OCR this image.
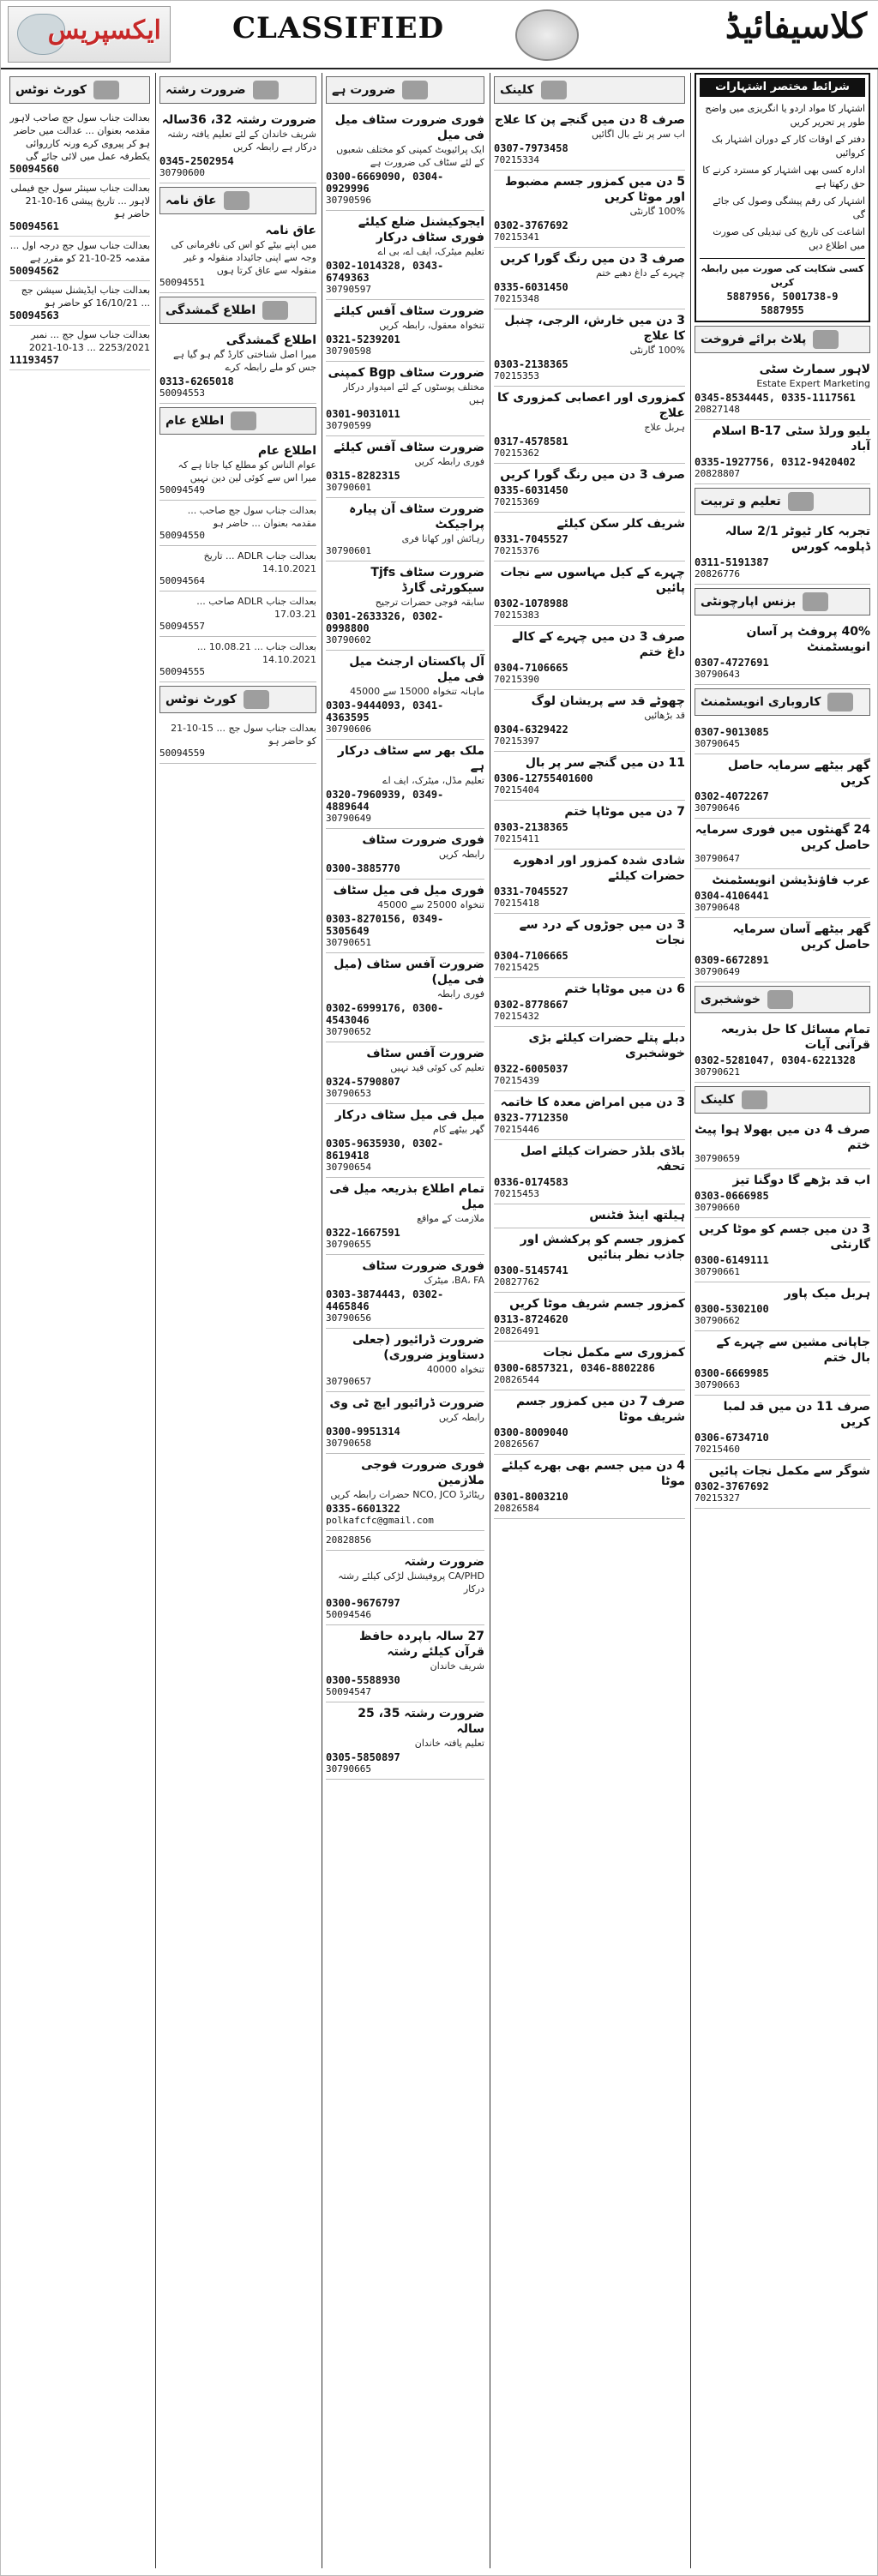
ایکسپریس CLASSIFIED	کلاسیفائیڈ
کورٹ نوٹس
بعدالت جناب سول جج صاحب لاہور مقدمہ بعنوان ... عدالت میں حاضر ہو کر پیروی کرے ورنہ کارروائی یکطرفہ عمل میں لائی جائے گی
50094560
بعدالت جناب سینئر سول جج فیملی لاہور ... تاریخ پیشی 16-10-21 حاضر ہو
50094561
بعدالت جناب سول جج درجہ اول ... مقدمہ 25-10-21 کو مقرر ہے
50094562
بعدالت جناب ایڈیشنل سیشن جج ... 16/10/21 کو حاضر ہو
50094563
بعدالت جناب سول جج ... نمبر 2253/2021 ... 13-10-2021
11193457
ضرورت رشتہ
ضرورت رشتہ 32، 36سالہ
شریف خاندان کے لئے تعلیم یافتہ رشتہ درکار ہے رابطہ کریں
0345-2502954
30790600
عاق نامہ
عاق نامہ
میں اپنے بیٹے کو اس کی نافرمانی کی وجہ سے اپنی جائیداد منقولہ و غیر منقولہ سے عاق کرتا ہوں
50094551
اطلاع گمشدگی
اطلاع گمشدگی
میرا اصل شناختی کارڈ گم ہو گیا ہے جس کو ملے رابطہ کرے
0313-6265018
50094553
اطلاع عام
اطلاع عام
عوام الناس کو مطلع کیا جاتا ہے کہ میرا اس سے کوئی لین دین نہیں
50094549
بعدالت جناب سول جج صاحب ... مقدمہ بعنوان ... حاضر ہو
50094550
بعدالت جناب ADLR ... تاریخ 14.10.2021
50094564
بعدالت جناب ADLR صاحب ... 17.03.21
50094557
بعدالت جناب ... 10.08.21 ... 14.10.2021
50094555
کورٹ نوٹس
بعدالت جناب سول جج ... 15-10-21 کو حاضر ہو
50094559
ضرورت ہے
فوری ضرورت سٹاف میل فی میل
ایک پرائیویٹ کمپنی کو مختلف شعبوں کے لئے سٹاف کی ضرورت ہے
0300-6669090, 0304-0929996
30790596
ایجوکیشنل ضلع کیلئے فوری سٹاف درکار
تعلیم میٹرک، ایف اے، بی اے
0302-1014328, 0343-6749363
30790597
ضرورت سٹاف آفس کیلئے
تنخواہ معقول، رابطہ کریں
0321-5239201
30790598
ضرورت سٹاف Bgp کمپنی
مختلف پوسٹوں کے لئے امیدوار درکار ہیں
0301-9031011
30790599
ضرورت سٹاف آفس کیلئے
فوری رابطہ کریں
0315-8282315
30790601
ضرورت سٹاف آن پیارہ پراجیکٹ
رہائش اور کھانا فری
30790601
ضرورت سٹاف Tjfs سیکورٹی گارڈ
سابقہ فوجی حضرات ترجیح
0301-2633326, 0302-0998800
30790602
آل پاکستان ارجنٹ میل فی میل
ماہانہ تنخواہ 15000 سے 45000
0303-9444093, 0341-4363595
30790606
ملک بھر سے سٹاف درکار ہے
تعلیم مڈل، میٹرک، ایف اے
0320-7960939, 0349-4889644
30790649
فوری ضرورت سٹاف
رابطہ کریں
0300-3885770
فوری میل فی میل سٹاف
تنخواہ 25000 سے 45000
0303-8270156, 0349-5305649
30790651
ضرورت آفس سٹاف (میل فی میل)
فوری رابطہ
0302-6999176, 0300-4543046
30790652
ضرورت آفس سٹاف
تعلیم کی کوئی قید نہیں
0324-5790807
30790653
میل فی میل سٹاف درکار
گھر بیٹھے کام
0305-9635930, 0302-8619418
30790654
تمام اطلاع بذریعہ میل فی میل
ملازمت کے مواقع
0322-1667591
30790655
فوری ضرورت سٹاف
BA، FA، میٹرک
0303-3874443, 0302-4465846
30790656
ضرورت ڈرائیور (جعلی دستاویز ضروری)
تنخواہ 40000
30790657
ضرورت ڈرائیور ایچ ٹی وی
رابطہ کریں
0300-9951314
30790658
فوری ضرورت فوجی ملازمین
ریٹائرڈ NCO, JCO حضرات رابطہ کریں
0335-6601322
polkafcfc@gmail.com
20828856
ضرورت رشتہ
CA/PHD پروفیشنل لڑکی کیلئے رشتہ درکار
0300-9676797
50094546
27 سالہ باپردہ حافظ قرآن کیلئے رشتہ
شریف خاندان
0300-5588930
50094547
ضرورت رشتہ 35، 25 سالہ
تعلیم یافتہ خاندان
0305-5850897
30790665
کلینک
صرف 8 دن میں گنجے پن کا علاج
اب سر پر نئے بال اگائیں
0307-7973458
70215334
5 دن میں کمزور جسم مضبوط اور موٹا کریں
100% گارنٹی
0302-3767692
70215341
صرف 3 دن میں رنگ گورا کریں
چہرے کے داغ دھبے ختم
0335-6031450
70215348
3 دن میں خارش، الرجی، چنبل کا علاج
100% گارنٹی
0303-2138365
70215353
کمزوری اور اعصابی کمزوری کا علاج
ہربل علاج
0317-4578581
70215362
صرف 3 دن میں رنگ گورا کریں
0335-6031450
70215369
شریف کلر سکن کیلئے
0331-7045527
70215376
چہرے کے کیل مہاسوں سے نجات پائیں
0302-1078988
70215383
صرف 3 دن میں چہرے کے کالے داغ ختم
0304-7106665
70215390
چھوٹے قد سے پریشان لوگ
قد بڑھائیں
0304-6329422
70215397
11 دن میں گنجے سر پر بال
0306-12755401600
70215404
7 دن میں موٹاپا ختم
0303-2138365
70215411
شادی شدہ کمزور اور ادھورے حضرات کیلئے
0331-7045527
70215418
3 دن میں جوڑوں کے درد سے نجات
0304-7106665
70215425
6 دن میں موٹاپا ختم
0302-8778667
70215432
دبلے پتلے حضرات کیلئے بڑی خوشخبری
0322-6005037
70215439
3 دن میں امراض معدہ کا خاتمہ
0323-7712350
70215446
باڈی بلڈر حضرات کیلئے اصل تحفہ
0336-0174583
70215453
ہیلتھ اینڈ فٹنس
کمزور جسم کو پرکشش اور جاذب نظر بنائیں
0300-5145741
20827762
کمزور جسم شریف موٹا کریں
0313-8724620
20826491
کمزوری سے مکمل نجات
0300-6857321, 0346-8802286
20826544
صرف 7 دن میں کمزور جسم شریف موٹا
0300-8009040
20826567
4 دن میں جسم بھی بھرے کیلئے موٹا
0301-8003210
20826584
شرائط مختصر اشتہارات
اشتہار کا مواد اردو یا انگریزی میں واضح طور پر تحریر کریں
دفتر کے اوقات کار کے دوران اشتہار بک کروائیں
ادارہ کسی بھی اشتہار کو مسترد کرنے کا حق رکھتا ہے
اشتہار کی رقم پیشگی وصول کی جائے گی
اشاعت کی تاریخ کی تبدیلی کی صورت میں اطلاع دیں
کسی شکایت کی صورت میں رابطہ کریں
5887956, 5001738-9
5887955
پلاٹ برائے فروخت
لاہور سمارٹ سٹی
Estate Expert Marketing
0345-8534445, 0335-1117561
20827148
بلیو ورلڈ سٹی B-17 اسلام آباد
0335-1927756, 0312-9420402
20828807
تعلیم و تربیت
تجربہ کار ٹیوٹر 2/1 سالہ ڈپلومہ کورس
0311-5191387
20826776
بزنس اپارچونٹی
40% پروفٹ پر آسان انویسٹمنٹ
0307-4727691
30790643
کاروباری انویسٹمنٹ
0307-9013085
30790645
گھر بیٹھے سرمایہ حاصل کریں
0302-4072267
30790646
24 گھنٹوں میں فوری سرمایہ حاصل کریں
30790647
عرب فاؤنڈیشن انویسٹمنٹ
0304-4106441
30790648
گھر بیٹھے آسان سرمایہ حاصل کریں
0309-6672891
30790649
خوشخبری
تمام مسائل کا حل بذریعہ قرآنی آیات
0302-5281047, 0304-6221328
30790621
کلینک
صرف 4 دن میں بھولا ہوا پیٹ ختم
30790659
اب قد بڑھے گا دوگنا تیز
0303-0666985
30790660
3 دن میں جسم کو موٹا کریں گارنٹی
0300-6149111
30790661
ہربل میک پاور
0300-5302100
30790662
جاپانی مشین سے چہرے کے بال ختم
0300-6669985
30790663
صرف 11 دن میں قد لمبا کریں
0306-6734710
70215460
شوگر سے مکمل نجات پائیں
0302-3767692
70215327
